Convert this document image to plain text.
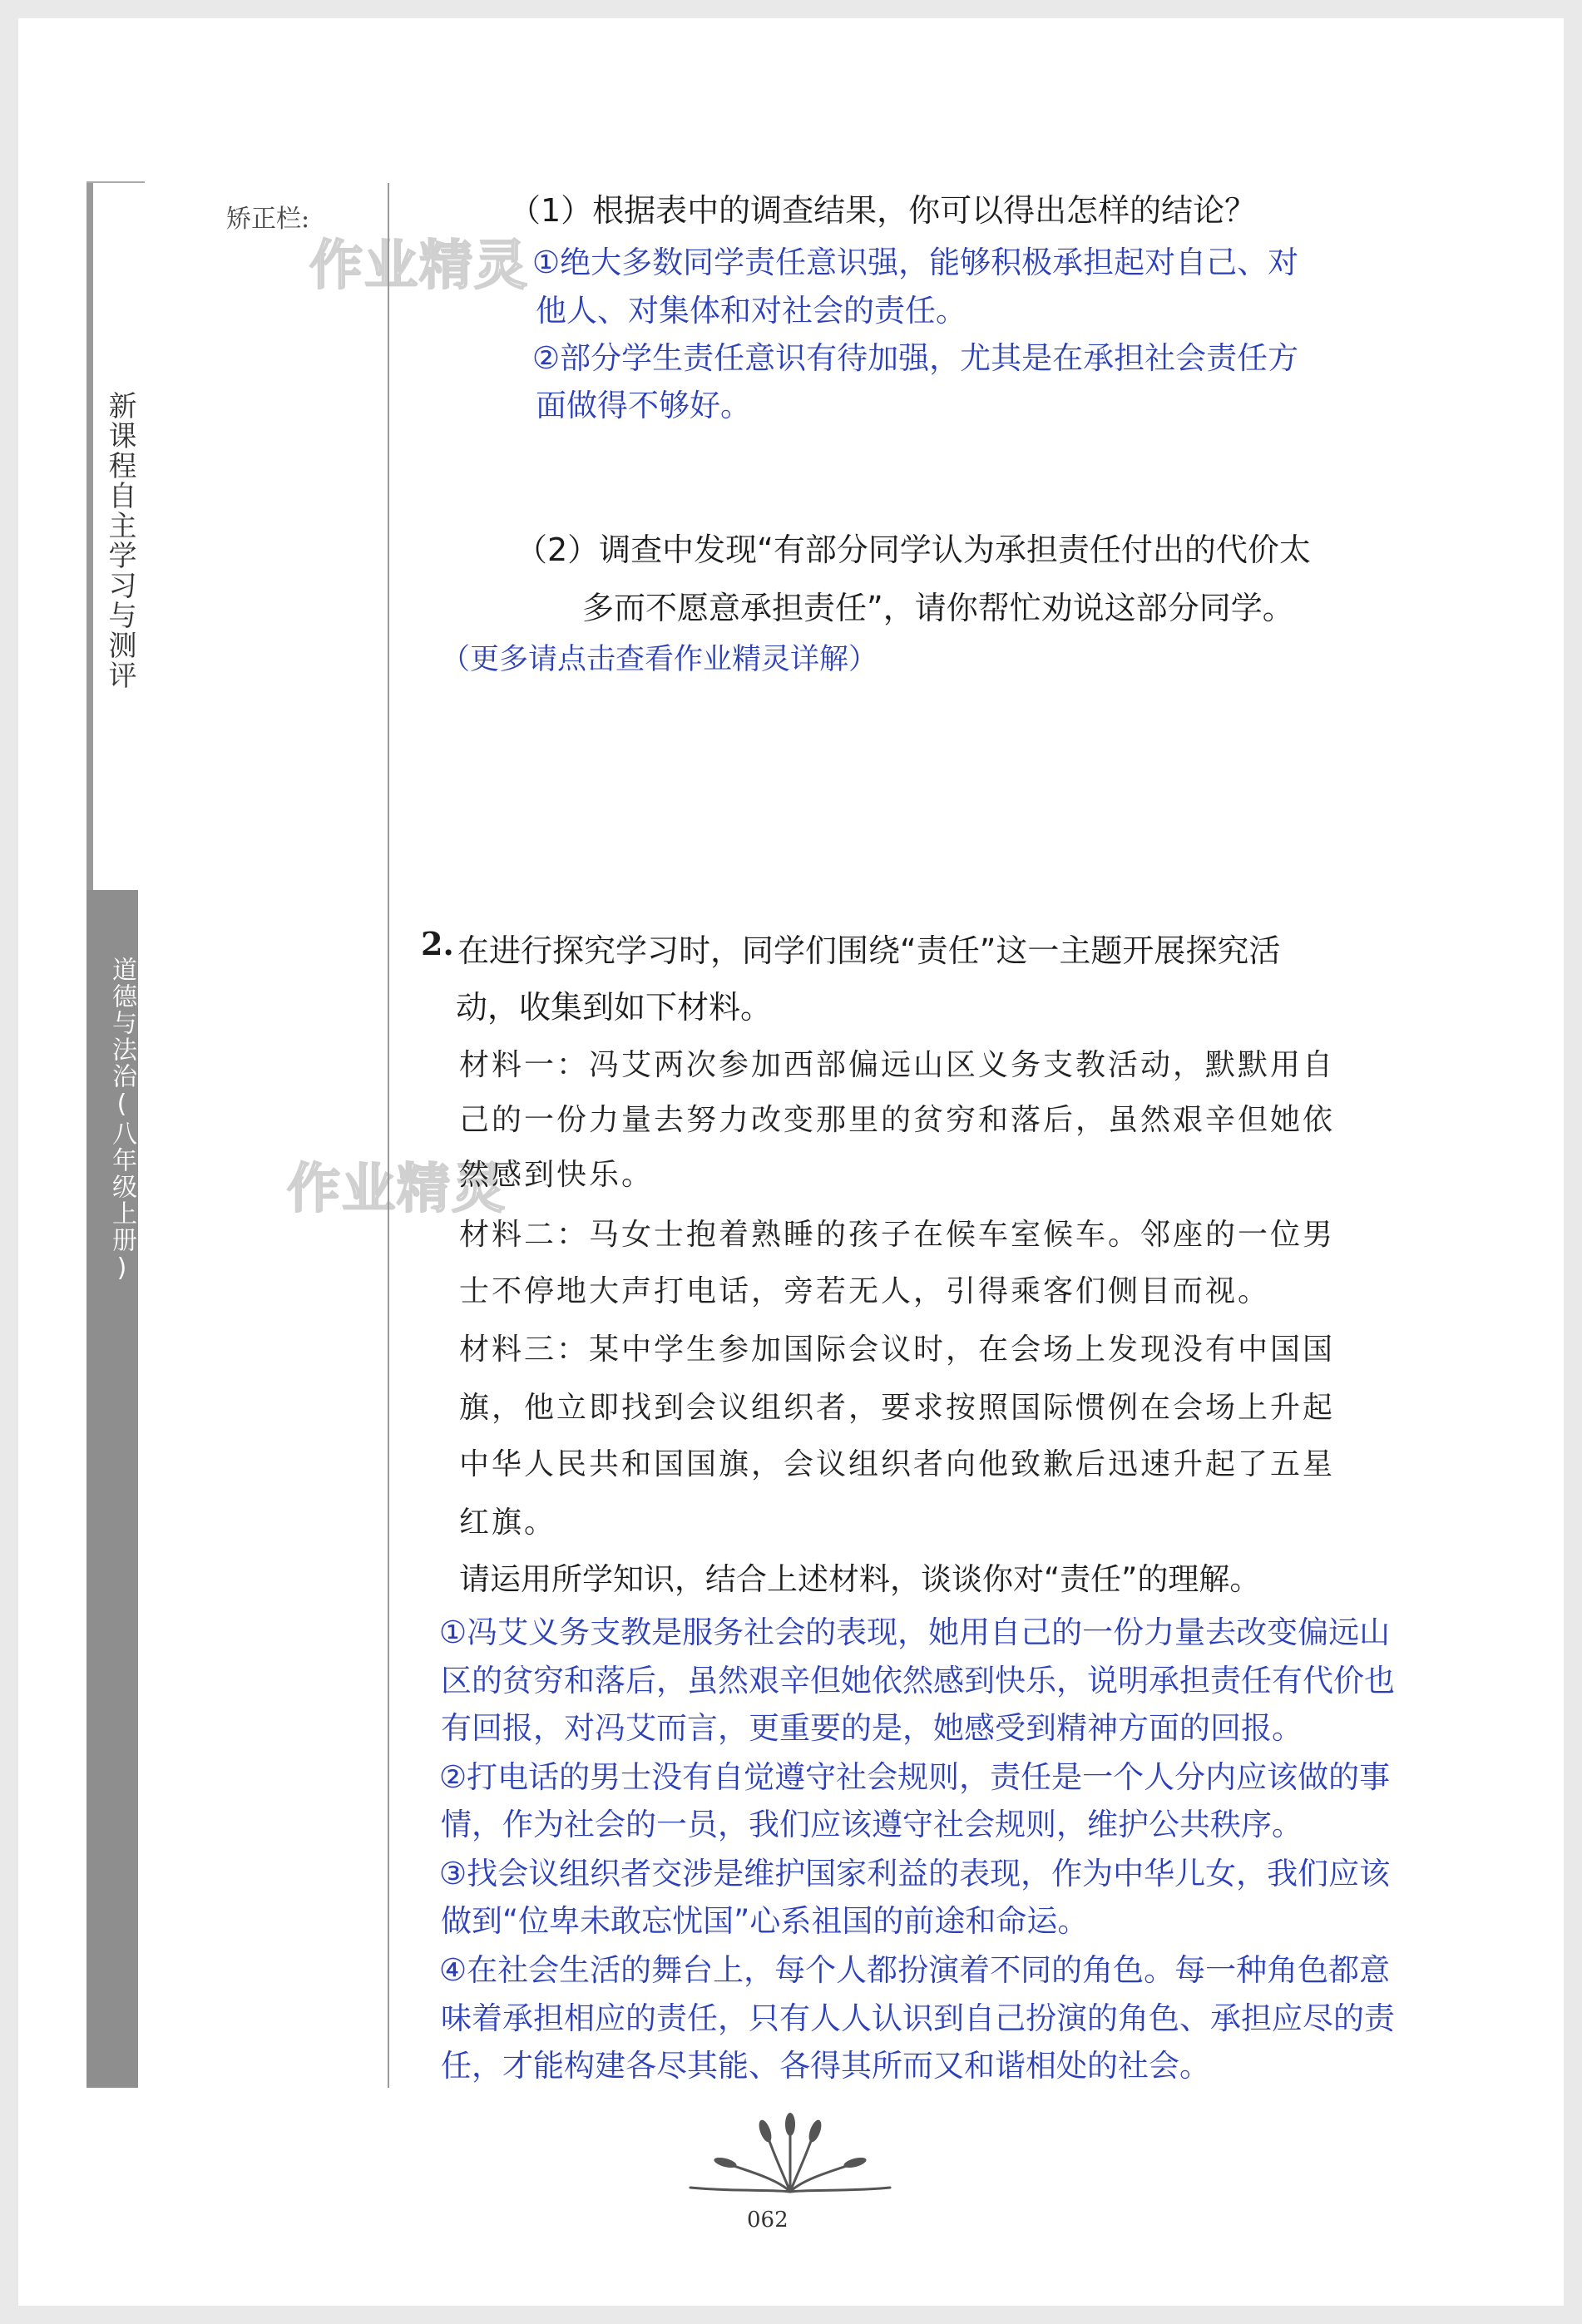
新课程自主学习与测评
道德与法治(八年级上册)
矫正栏:
作业精灵
作业精灵
（1）根据表中的调查结果，你可以得出怎样的结论？
①绝大多数同学责任意识强，能够积极承担起对自己、对
他人、对集体和对社会的责任。
②部分学生责任意识有待加强，尤其是在承担社会责任方
面做得不够好。
（2）调查中发现“有部分同学认为承担责任付出的代价太
多而不愿意承担责任”，请你帮忙劝说这部分同学。
（更多请点击查看作业精灵详解）
2. 在进行探究学习时，同学们围绕“责任”这一主题开展探究活
动，收集到如下材料。
材料一：冯艾两次参加西部偏远山区义务支教活动，默默用自
己的一份力量去努力改变那里的贫穷和落后，虽然艰辛但她依
然感到快乐。
材料二：马女士抱着熟睡的孩子在候车室候车。邻座的一位男
士不停地大声打电话，旁若无人，引得乘客们侧目而视。
材料三：某中学生参加国际会议时，在会场上发现没有中国国
旗，他立即找到会议组织者，要求按照国际惯例在会场上升起
中华人民共和国国旗，会议组织者向他致歉后迅速升起了五星
红旗。
请运用所学知识，结合上述材料，谈谈你对“责任”的理解。
①冯艾义务支教是服务社会的表现，她用自己的一份力量去改变偏远山
区的贫穷和落后，虽然艰辛但她依然感到快乐，说明承担责任有代价也
有回报，对冯艾而言，更重要的是，她感受到精神方面的回报。
②打电话的男士没有自觉遵守社会规则，责任是一个人分内应该做的事
情，作为社会的一员，我们应该遵守社会规则，维护公共秩序。
③找会议组织者交涉是维护国家利益的表现，作为中华儿女，我们应该
做到“位卑未敢忘忧国”心系祖国的前途和命运。
④在社会生活的舞台上，每个人都扮演着不同的角色。每一种角色都意
味着承担相应的责任，只有人人认识到自己扮演的角色、承担应尽的责
任，才能构建各尽其能、各得其所而又和谐相处的社会。
062
